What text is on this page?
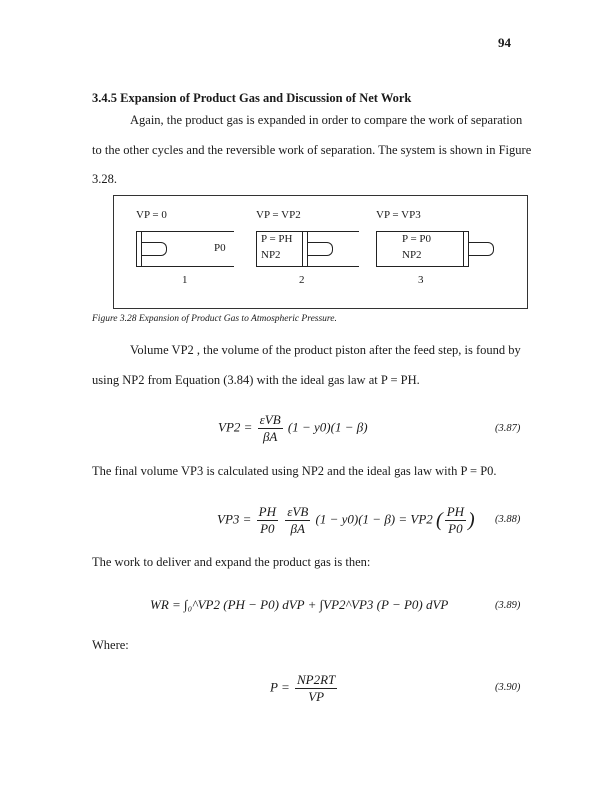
94
3.4.5 Expansion of Product Gas and Discussion of Net Work
Again, the product gas is expanded in order to compare the work of separation
to the other cycles and the reversible work of separation. The system is shown in Figure
3.28.
VP = 0
P0
1
VP = VP2
P = PH
NP2
2
VP = VP3
P = P0
NP2
3
Figure 3.28 Expansion of Product Gas to Atmospheric Pressure.
Volume VP2 , the volume of the product piston after the feed step, is found by
using NP2 from Equation (3.84) with the ideal gas law at P = PH.
$VP2 = \frac{\text{εVB}}{\beta A} (1 - y0)(1 - \beta)$	(3.87)
The final volume VP3 is calculated using NP2 and the ideal gas law with P = P0.
$VP3 = \frac{PH}{P0}$
$\frac{\text{εVB}}{\beta A} (1 - y0)(1 - \beta) = VP2$ ( $\frac{PH}{P0}$ ) (3.88)
The work to deliver and expand the product gas is then:
WR = ∫₀^VP2 (PH − P0) dVP + ∫VP2^VP3 (P − P0) dVP	(3.89)
Where:
$P = \frac{NP2RT}{VP}$	(3.90)
